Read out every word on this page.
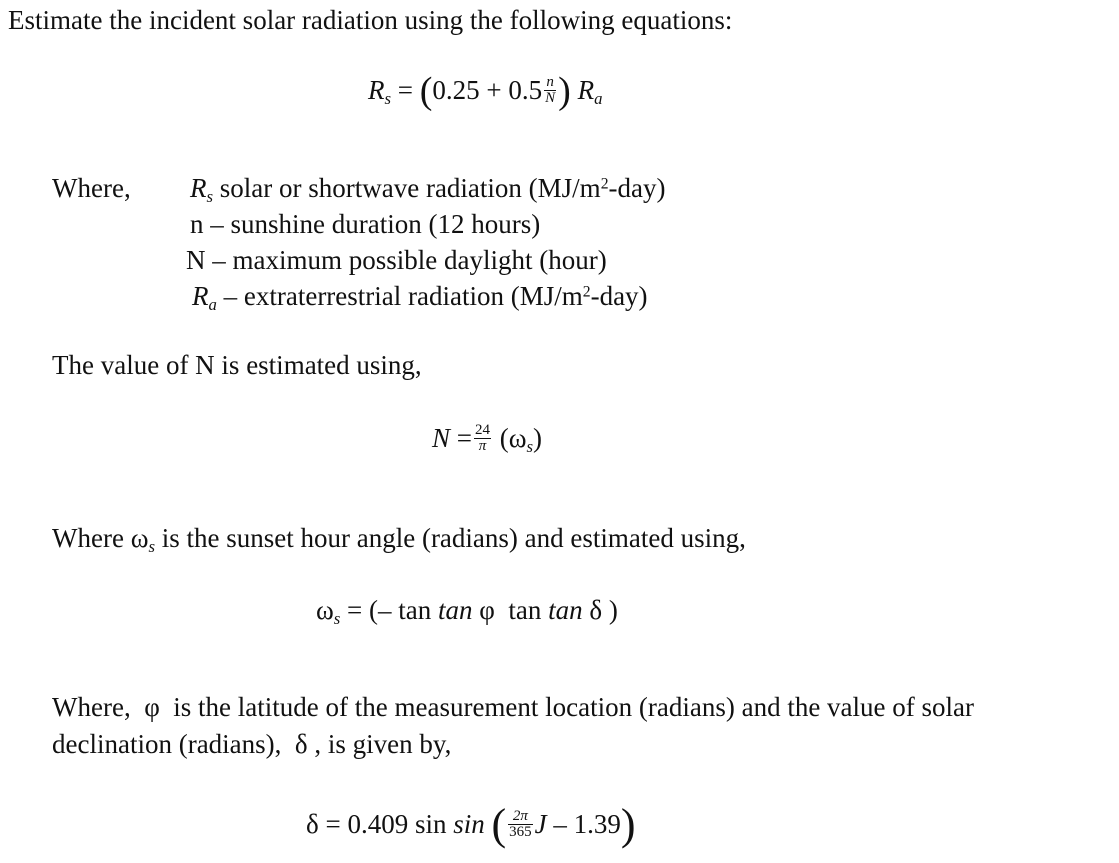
Estimate the incident solar radiation using the following equations:
$R_s = (0.25 + 0.5 \frac{n}{N}$ ) $R_a$
Where, $R_s$ solar or shortwave radiation $(MJ/m^2-day)$
n – sunshine duration (12 hours)
N – maximum possible daylight (hour)
$R_a$ – extraterrestrial radiation $(MJ/m^2-day)$
The value of N is estimated using,
$N = \frac{24}{\pi} (\omega_s)$
Where $\omega_s$ is the sunset hour angle (radians) and estimated using,
$\omega_s$ = (– tan tan φ  tan tan δ )
Where,  φ  is the latitude of the measurement location (radians) and the value of solar
declination (radians),  δ , is given by,
δ = 0.409 sin sin ( $\frac{2\pi}{365}$ J – 1.39)
